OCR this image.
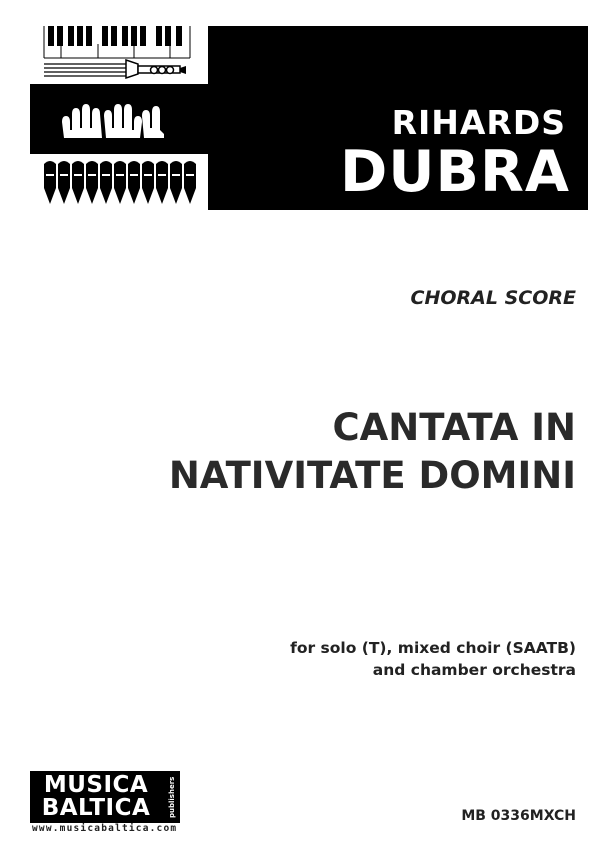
RIHARDS
DUBRA
CHORAL SCORE
CANTATA IN
NATIVITATE DOMINI
for solo (T), mixed choir (SAATB)
and chamber orchestra
MUSICA
BALTICA	publishers
www.musicabaltica.com
MB 0336MXCH
